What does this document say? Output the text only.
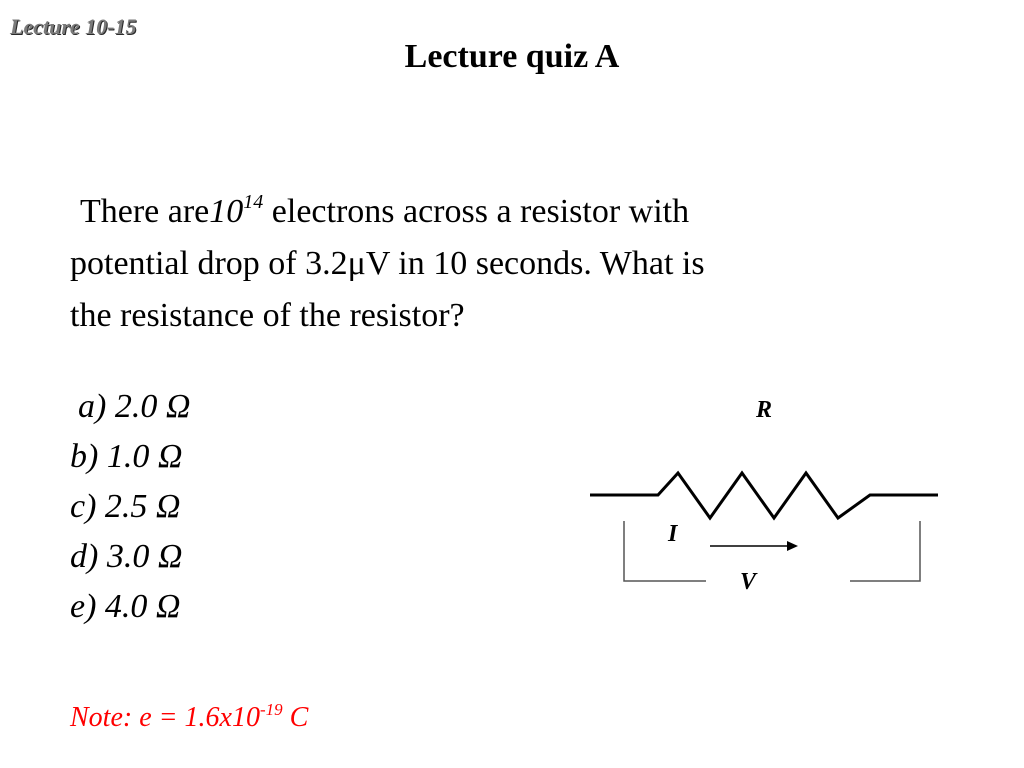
Lecture 10-15
Lecture quiz A

There $are10^{14}$ electrons across a resistor with
potential drop of 3.2μV in 10 seconds. What is
the resistance of the resistor?

a) 2.0 Ω
b) 1.0 Ω
c) 2.5 Ω
d) 3.0 Ω
e) 4.0 Ω
R
I
V
Note: $e = 1.6x10^{-19}$ C
